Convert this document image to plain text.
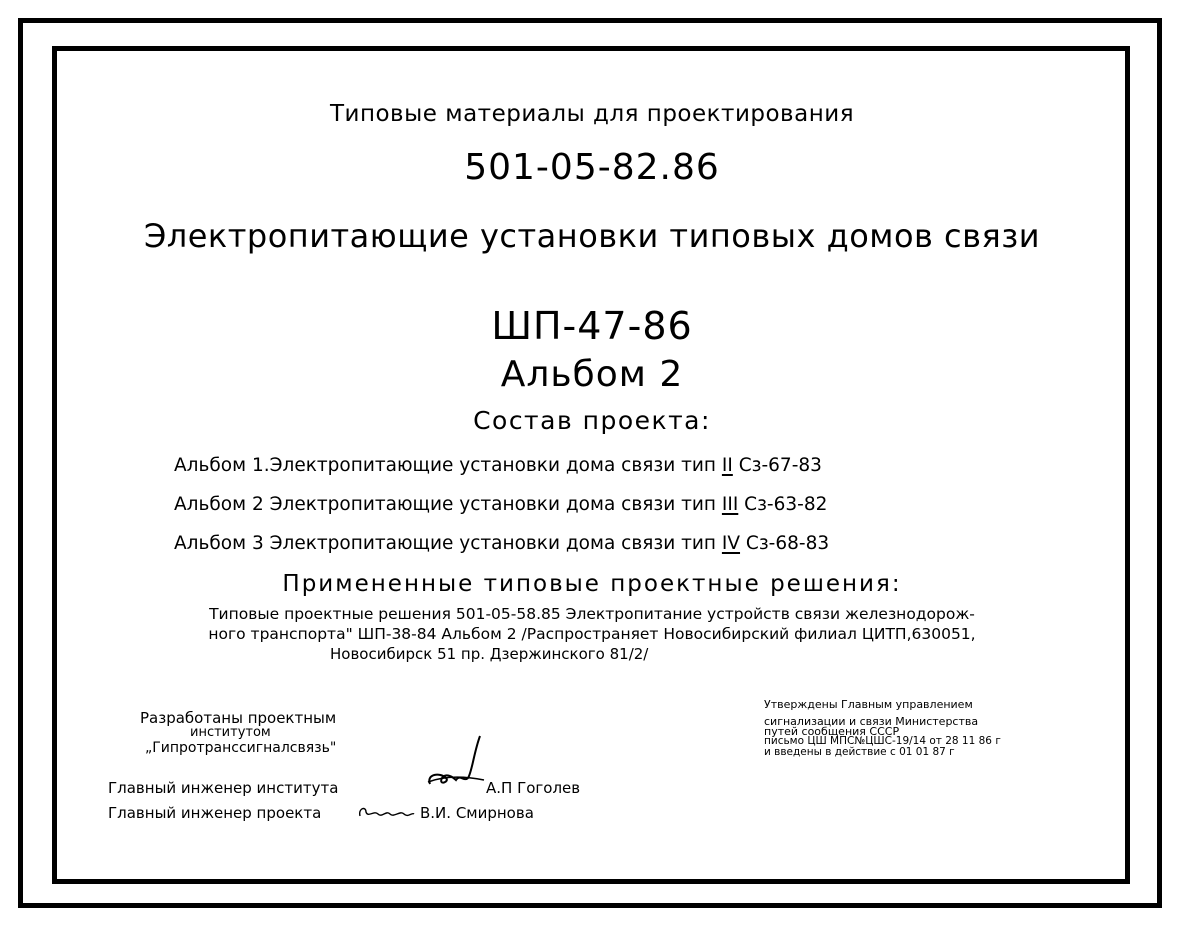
Типовые материалы для проектирования
501-05-82.86
Электропитающие установки типовых домов связи
ШП-47-86
Альбом 2
Состав проекта:
Альбом 1.Электропитающие установки дома связи тип II Сз-67-83
Альбом 2 Электропитающие установки дома связи тип III Сз-63-82
Альбом 3 Электропитающие установки дома связи тип IV Сз-68-83
Примененные типовые проектные решения:
Типовые проектные решения 501-05-58.85 Электропитание устройств связи железнодорож-
ного транспорта" ШП-38-84 Альбом 2 /Распространяет Новосибирский филиал ЦИТП,630051,
Новосибирск 51 пр. Дзержинского 81/2/
Разработаны проектным
институтом
„Гипротранссигналсвязь"
Утверждены Главным управлением
сигнализации и связи Министерства
путей сообщения СССР
письмо ЦШ МПС№ЦШС-19/14 от 28 11 86 г
и введены в действие с 01 01 87 г
Главный инженер института	А.П Гоголев
Главный инженер проекта	В.И. Смирнова
